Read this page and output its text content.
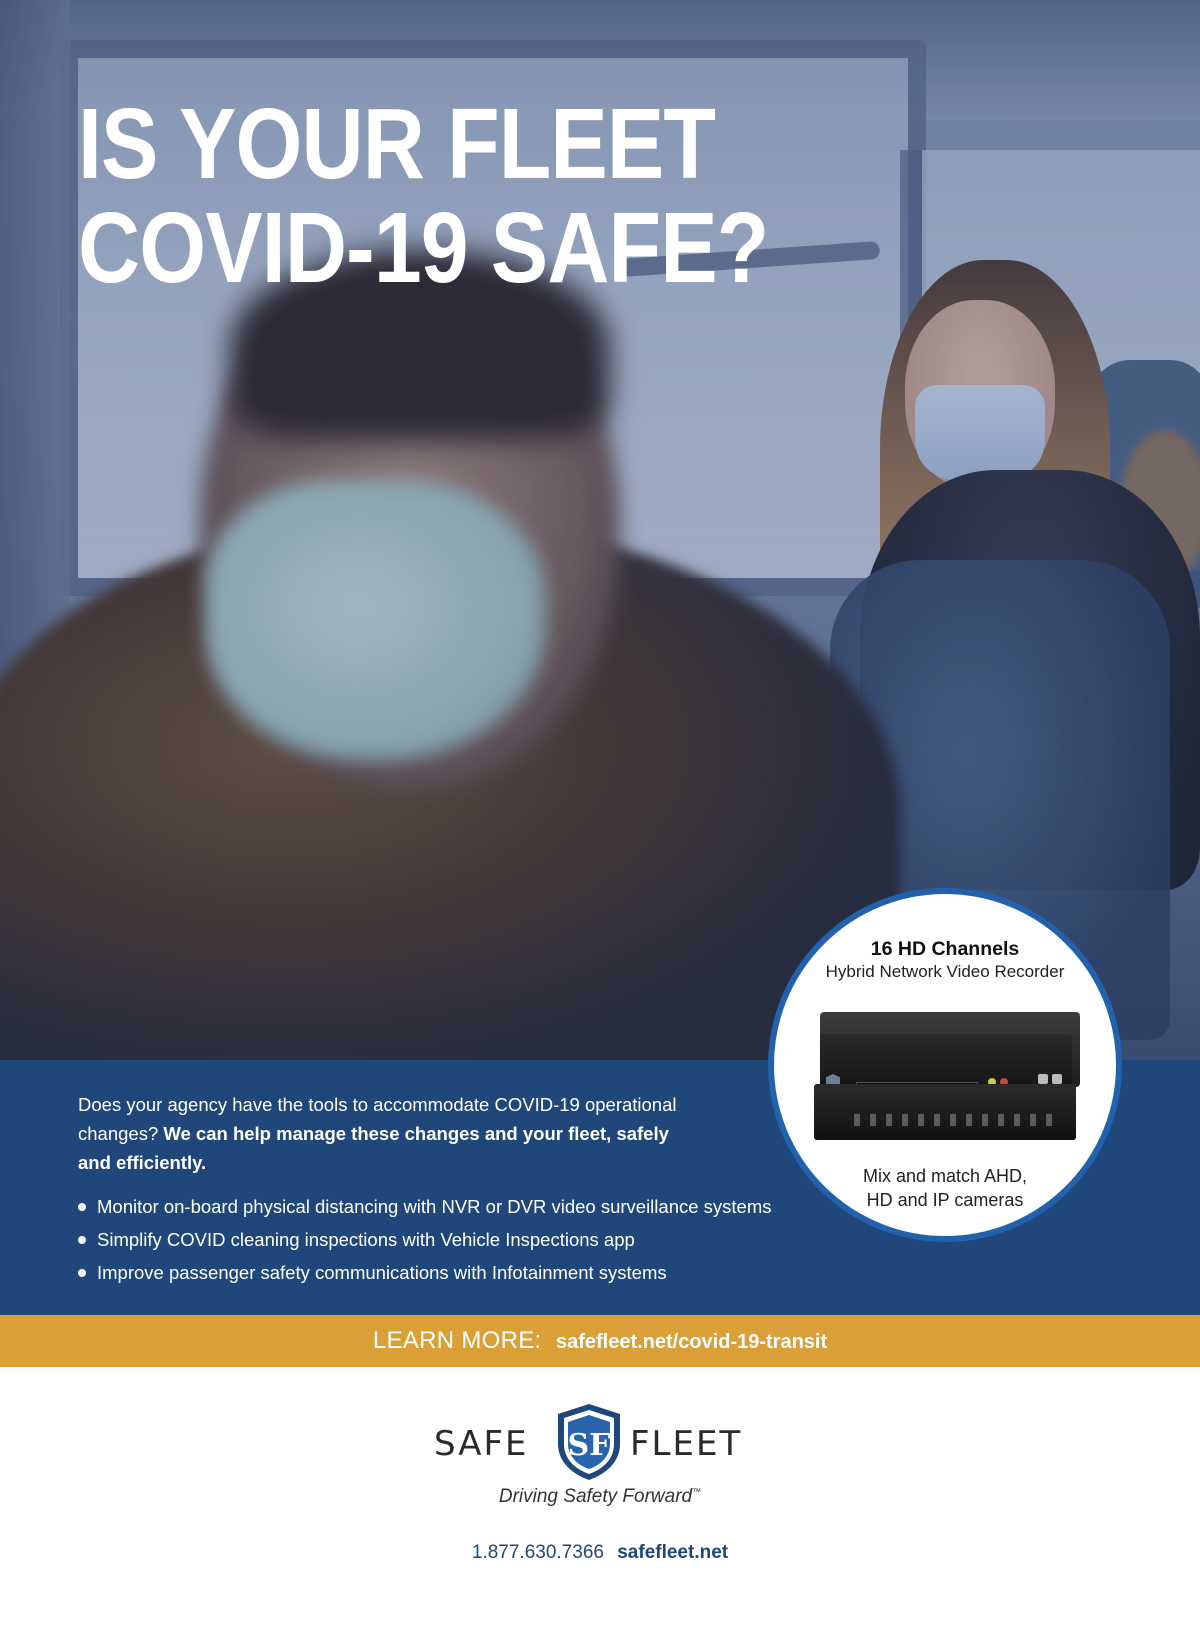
IS YOUR FLEET
COVID-19 SAFE?

Does your agency have the tools to accommodate COVID-19 operational changes? We can help manage these changes and your fleet, safely and efficiently.

Monitor on-board physical distancing with NVR or DVR video surveillance systems
Simplify COVID cleaning inspections with Vehicle Inspections app
Improve passenger safety communications with Infotainment systems
16 HD Channels
Hybrid Network Video Recorder
Mix and match AHD,
HD and IP cameras
LEARN MORE: safefleet.net/covid-19-transit
SAFE SF FLEET
Driving Safety Forward™
1.877.630.7366 safefleet.net
